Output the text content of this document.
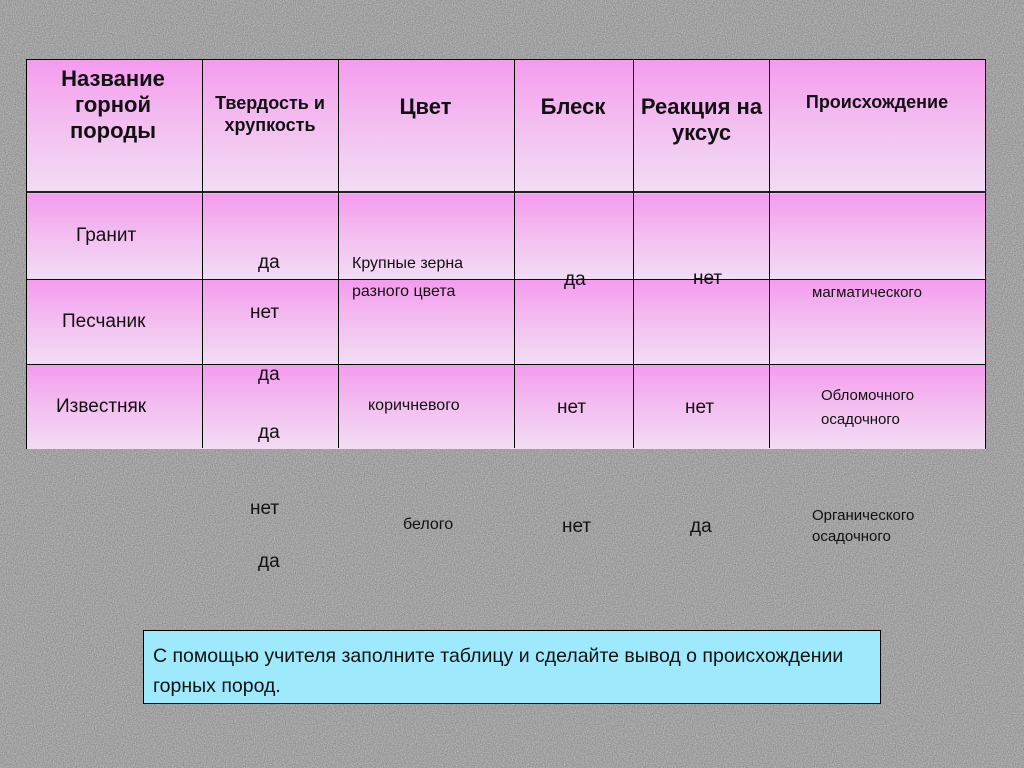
Название горной породы
Твердость и хрупкость
Цвет	Блеск	Реакция на уксус
Происхождение
Гранит
Песчаник
Известняк
да
нет
да
да
нет
да
Крупные зерна разного цвета
коричневого
белого
да
нет
нет
нет
нет
да
магматического
Обломочного осадочного
Органического осадочного
С помощью учителя заполните таблицу и сделайте вывод о происхождении горных пород.
